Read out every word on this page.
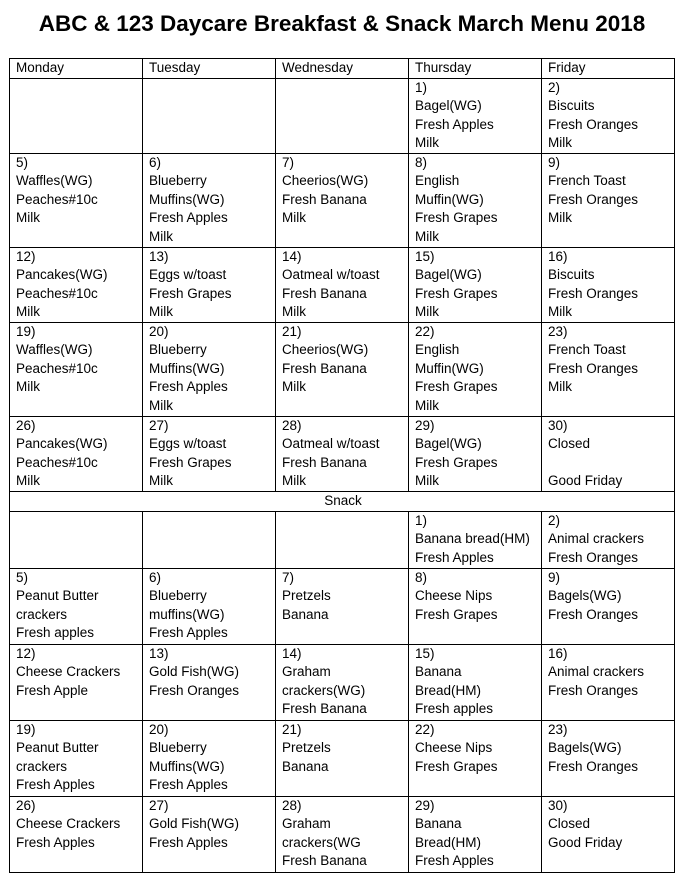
ABC & 123 Daycare Breakfast & Snack March Menu 2018
Monday	Tuesday	Wednesday	Thursday	Friday

			1)
Bagel(WG)
Fresh Apples
Milk	2)
Biscuits
Fresh Oranges
Milk

5)
Waffles(WG)
Peaches#10c
Milk	6)
Blueberry
Muffins(WG)
Fresh Apples
Milk	7)
Cheerios(WG)
Fresh Banana
Milk	8)
English
Muffin(WG)
Fresh Grapes
Milk	9)
French Toast
Fresh Oranges
Milk

12)
Pancakes(WG)
Peaches#10c
Milk	13)
Eggs w/toast
Fresh Grapes
Milk	14)
Oatmeal w/toast
Fresh Banana
Milk	15)
Bagel(WG)
Fresh Grapes
Milk	16)
Biscuits
Fresh Oranges
Milk

19)
Waffles(WG)
Peaches#10c
Milk	20)
Blueberry
Muffins(WG)
Fresh Apples
Milk	21)
Cheerios(WG)
Fresh Banana
Milk	22)
English
Muffin(WG)
Fresh Grapes
Milk	23)
French Toast
Fresh Oranges
Milk

26)
Pancakes(WG)
Peaches#10c
Milk	27)
Eggs w/toast
Fresh Grapes
Milk	28)
Oatmeal w/toast
Fresh Banana
Milk	29)
Bagel(WG)
Fresh Grapes
Milk	30)
Closed
Good Friday

Snack				

			1)
Banana bread(HM)
Fresh Apples	2)
Animal crackers
Fresh Oranges

5)
Peanut Butter
crackers
Fresh apples	6)
Blueberry
muffins(WG)
Fresh Apples	7)
Pretzels
Banana	8)
Cheese Nips
Fresh Grapes	9)
Bagels(WG)
Fresh Oranges

12)
Cheese Crackers
Fresh Apple	13)
Gold Fish(WG)
Fresh Oranges	14)
Graham
crackers(WG)
Fresh Banana	15)
Banana
Bread(HM)
Fresh apples	16)
Animal crackers
Fresh Oranges

19)
Peanut Butter
crackers
Fresh Apples	20)
Blueberry
Muffins(WG)
Fresh Apples	21)
Pretzels
Banana	22)
Cheese Nips
Fresh Grapes	23)
Bagels(WG)
Fresh Oranges

26)
Cheese Crackers
Fresh Apples	27)
Gold Fish(WG)
Fresh Apples	28)
Graham
crackers(WG
Fresh Banana	29)
Banana
Bread(HM)
Fresh Apples	30)
Closed
Good Friday
